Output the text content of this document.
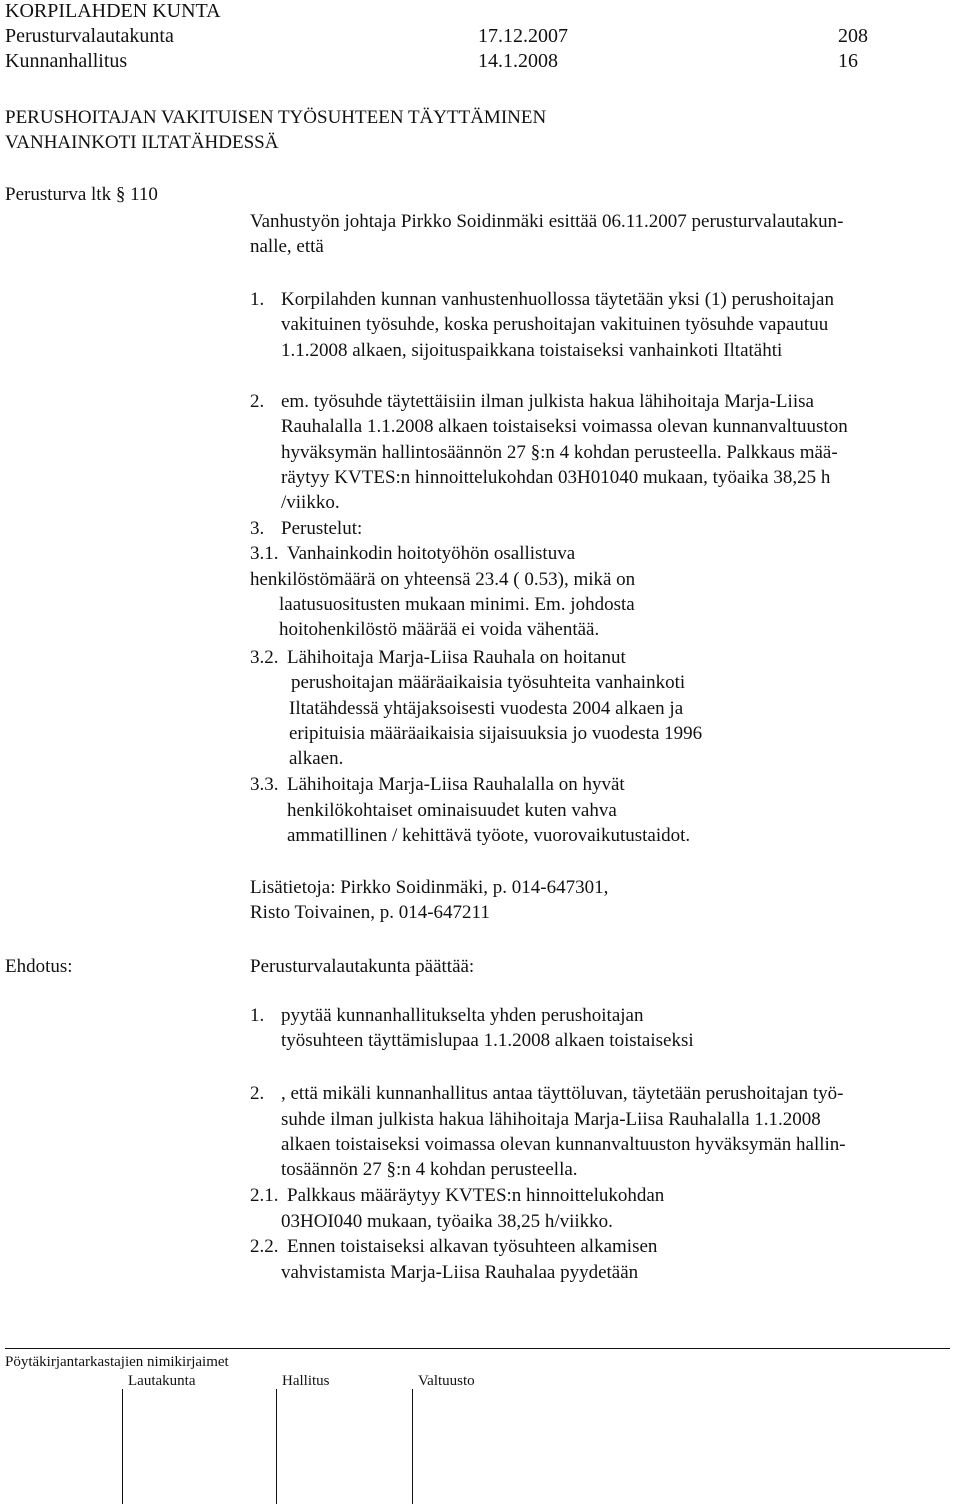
KORPILAHDEN KUNTA
Perusturvalautakunta	17.12.2007	208
Kunnanhallitus	14.1.2008	16
PERUSHOITAJAN VAKITUISEN TYÖSUHTEEN TÄYTTÄMINEN
VANHAINKOTI ILTATÄHDESSÄ
Perusturva ltk § 110
Vanhustyön johtaja Pirkko Soidinmäki esittää 06.11.2007 perusturvalautakun-
nalle, että
1. Korpilahden kunnan vanhustenhuollossa täytetään yksi (1) perushoitajan
vakituinen työsuhde, koska perushoitajan vakituinen työsuhde vapautuu
1.1.2008 alkaen, sijoituspaikkana toistaiseksi vanhainkoti Iltatähti
2. em. työsuhde täytettäisiin ilman julkista hakua lähihoitaja Marja-Liisa
Rauhalalla 1.1.2008 alkaen toistaiseksi voimassa olevan kunnanvaltuuston
hyväksymän hallintosäännön 27 §:n 4 kohdan perusteella. Palkkaus mää-
räytyy KVTES:n hinnoittelukohdan 03H01040 mukaan, työaika 38,25 h
/viikko.
3. Perustelut:
3.1. Vanhainkodin hoitotyöhön osallistuva
henkilöstömäärä on yhteensä 23.4 ( 0.53), mikä on
laatusuositusten mukaan minimi. Em. johdosta
hoitohenkilöstö määrää ei voida vähentää.
3.2. Lähihoitaja Marja-Liisa Rauhala on hoitanut
perushoitajan määräaikaisia työsuhteita vanhainkoti
Iltatähdessä yhtäjaksoisesti vuodesta 2004 alkaen ja
eripituisia määräaikaisia sijaisuuksia jo vuodesta 1996
alkaen.
3.3. Lähihoitaja Marja-Liisa Rauhalalla on hyvät
henkilökohtaiset ominaisuudet kuten vahva
ammatillinen / kehittävä työote, vuorovaikutustaidot.
Lisätietoja: Pirkko Soidinmäki, p. 014-647301,
Risto Toivainen, p. 014-647211
Ehdotus:	Perusturvalautakunta päättää:
1. pyytää kunnanhallitukselta yhden perushoitajan
työsuhteen täyttämislupaa 1.1.2008 alkaen toistaiseksi
2. , että mikäli kunnanhallitus antaa täyttöluvan, täytetään perushoitajan työ-
suhde ilman julkista hakua lähihoitaja Marja-Liisa Rauhalalla 1.1.2008
alkaen toistaiseksi voimassa olevan kunnanvaltuuston hyväksymän hallin-
tosäännön 27 §:n 4 kohdan perusteella.
2.1. Palkkaus määräytyy KVTES:n hinnoittelukohdan
03HOI040 mukaan, työaika 38,25 h/viikko.
2.2. Ennen toistaiseksi alkavan työsuhteen alkamisen
vahvistamista Marja-Liisa Rauhalaa pyydetään
Pöytäkirjantarkastajien nimikirjaimet
Lautakunta	Hallitus	Valtuusto
